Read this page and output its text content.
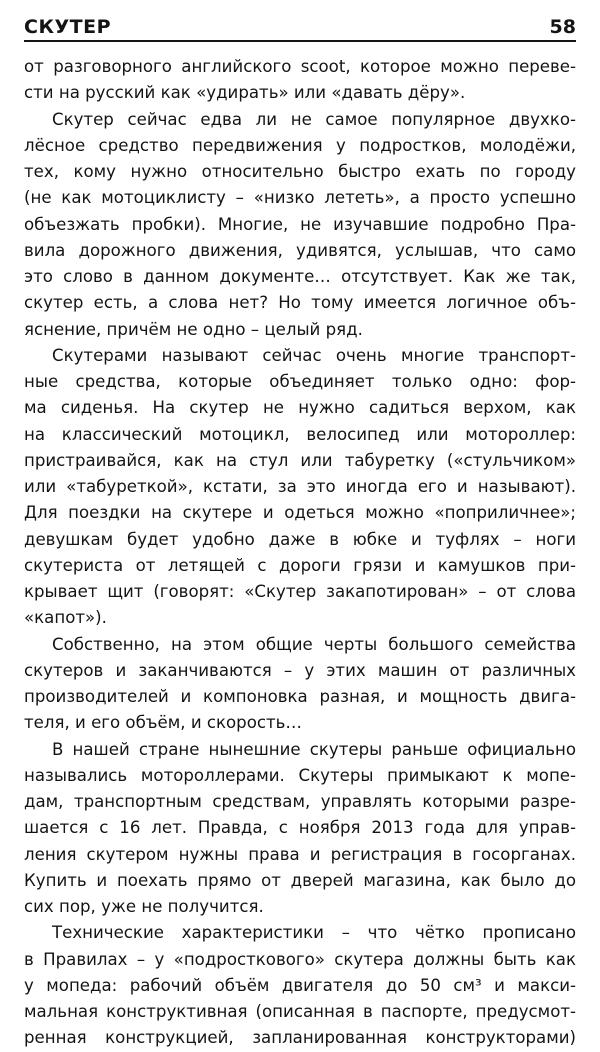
СКУТЕР	58
от разговорного английского scoot, которое можно переве-
сти на русский как «удирать» или «давать дёру».
Скутер сейчас едва ли не самое популярное двухко-
лёсное средство передвижения у подростков, молодёжи,
тех, кому нужно относительно быстро ехать по городу
(не как мотоциклисту – «низко лететь», а просто успешно
объезжать пробки). Многие, не изучавшие подробно Пра-
вила дорожного движения, удивятся, услышав, что само
это слово в данном документе… отсутствует. Как же так,
скутер есть, а слова нет? Но тому имеется логичное объ-
яснение, причём не одно – целый ряд.
Скутерами называют сейчас очень многие транспорт-
ные средства, которые объединяет только одно: фор-
ма сиденья. На скутер не нужно садиться верхом, как
на классический мотоцикл, велосипед или мотороллер:
пристраивайся, как на стул или табуретку («стульчиком»
или «табуреткой», кстати, за это иногда его и называют).
Для поездки на скутере и одеться можно «поприличнее»;
девушкам будет удобно даже в юбке и туфлях – ноги
скутериста от летящей с дороги грязи и камушков при-
крывает щит (говорят: «Скутер закапотирован» – от слова
«капот»).
Собственно, на этом общие черты большого семейства
скутеров и заканчиваются – у этих машин от различных
производителей и компоновка разная, и мощность двига-
теля, и его объём, и скорость…
В нашей стране нынешние скутеры раньше официально
назывались мотороллерами. Скутеры примыкают к мопе-
дам, транспортным средствам, управлять которыми разре-
шается с 16 лет. Правда, с ноября 2013 года для управ-
ления скутером нужны права и регистрация в госорганах.
Купить и поехать прямо от дверей магазина, как было до
сих пор, уже не получится.
Технические характеристики – что чётко прописано
в Правилах – у «подросткового» скутера должны быть как
у мопеда: рабочий объём двигателя до 50 см³ и макси-
мальная конструктивная (описанная в паспорте, предусмот-
ренная конструкцией, запланированная конструкторами)
